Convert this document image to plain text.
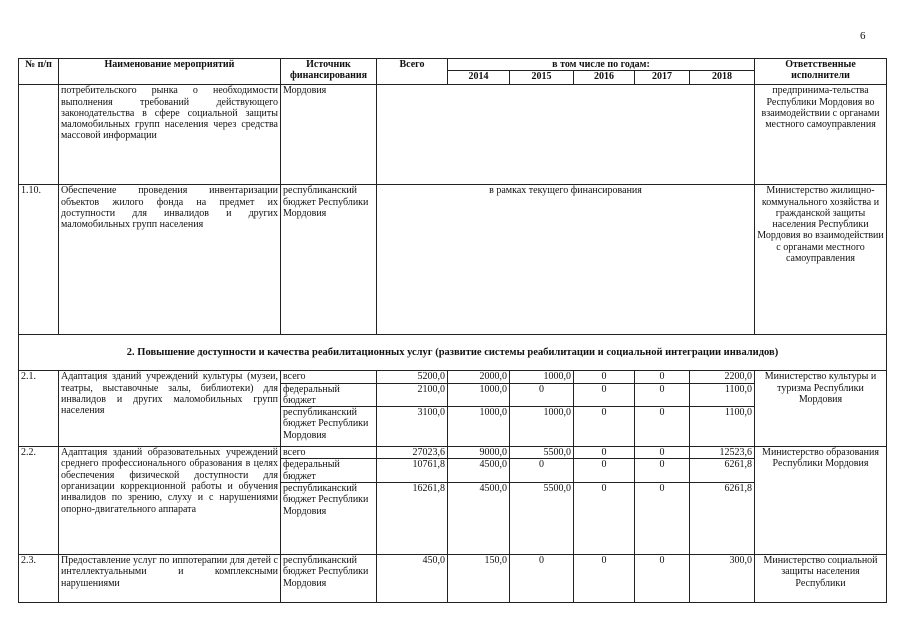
6
№ п/п	Наименование мероприятий	Источник финансирования	Всего	в том числе по годам:					Ответственные исполнители
				2014	2015	2016	2017	2018	
	потребительского рынка о необходимости выполнения требований действующего законодательства в сфере социальной защиты маломобильных групп населения через средства массовой информации	Мордовия							предпринима-тельства Республики Мордовия во взаимодействии с органами местного самоуправления
1.10.	Обеспечение проведения инвентаризации объектов жилого фонда на предмет их доступности для инвалидов и других маломобильных групп населения	республиканский бюджет Республики Мордовия	в рамках текущего финансирования						Министерство жилищно-коммунального хозяйства и гражданской защиты населения Республики Мордовия во взаимодействии с органами местного самоуправления
2. Повышение доступности и качества реабилитационных услуг (развитие системы реабилитации и социальной интеграции инвалидов)									
2.1.	Адаптация зданий учреждений культуры (музеи, театры, выставочные залы, библиотеки) для инвалидов и других маломобильных групп населения	всего	5200,0	2000,0	1000,0	0	0	2200,0	Министерство культуры и туризма Республики Мордовия
		федеральный бюджет	2100,0	1000,0	0	0	0	1100,0	
		республиканский бюджет Республики Мордовия	3100,0	1000,0	1000,0	0	0	1100,0	
2.2.	Адаптация зданий образовательных учреждений среднего профессионального образования в целях обеспечения физической доступности для организации коррекционной работы и обучения инвалидов по зрению, слуху и с нарушениями опорно-двигательного аппарата	всего	27023,6	9000,0	5500,0	0	0	12523,6	Министерство образования Республики Мордовия
		федеральный бюджет	10761,8	4500,0	0	0	0	6261,8	
		республиканский бюджет Республики Мордовия	16261,8	4500,0	5500,0	0	0	6261,8	
2.3.	Предоставление услуг по иппотерапии для детей с интеллектуальными и комплексными нарушениями	республиканский бюджет Республики Мордовия	450,0	150,0	0	0	0	300,0	Министерство социальной защиты населения Республики
